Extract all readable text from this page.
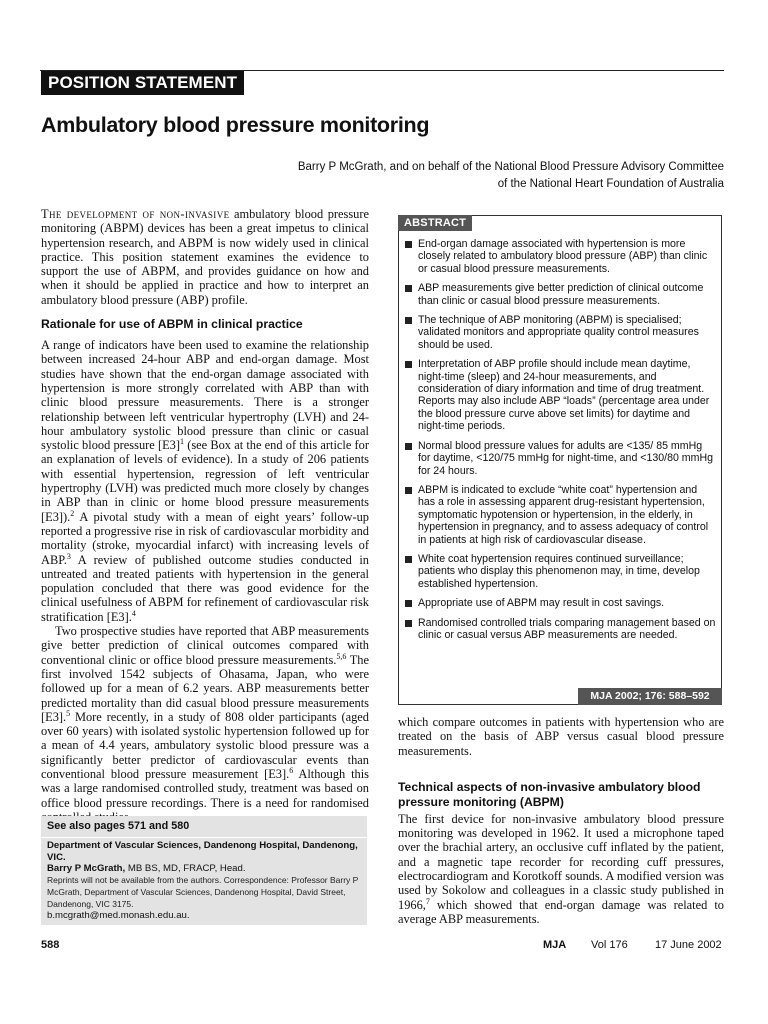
POSITION STATEMENT
Ambulatory blood pressure monitoring
Barry P McGrath, and on behalf of the National Blood Pressure Advisory Committee
of the National Heart Foundation of Australia

The development of non-invasive ambulatory blood pressure monitoring (ABPM) devices has been a great impetus to clinical hypertension research, and ABPM is now widely used in clinical practice. This position statement examines the evidence to support the use of ABPM, and provides guidance on how and when it should be applied in practice and how to interpret an ambulatory blood pressure (ABP) profile.

Rationale for use of ABPM in clinical practice

A range of indicators have been used to examine the relationship between increased 24-hour ABP and end-organ damage. Most studies have shown that the end-organ damage associated with hypertension is more strongly correlated with ABP than with clinic blood pressure measurements. There is a stronger relationship between left ventricular hypertrophy (LVH) and 24-hour ambulatory systolic blood pressure than clinic or casual systolic blood pressure $[E3]^1$ (see Box at the end of this article for an explanation of levels of evidence). In a study of 206 patients with essential hypertension, regression of left ventricular hypertrophy (LVH) was predicted much more closely by changes in ABP than in clinic or home blood pressure measurements [E3]).$^2$ A pivotal study with a mean of eight years’ follow-up reported a progressive rise in risk of cardiovascular morbidity and mortality (stroke, myocardial infarct) with increasing levels of ABP.$^3$ A review of published outcome studies conducted in untreated and treated patients with hypertension in the general population concluded that there was good evidence for the clinical usefulness of ABPM for refinement of cardiovascular risk stratification [E3].$^4$

Two prospective studies have reported that ABP measurements give better prediction of clinical outcomes compared with conventional clinic or office blood pressure measurements.$^{5,6}$ The first involved 1542 subjects of Ohasama, Japan, who were followed up for a mean of 6.2 years. ABP measurements better predicted mortality than did casual blood pressure measurements [E3].$^5$ More recently, in a study of 808 older participants (aged over 60 years) with isolated systolic hypertension followed up for a mean of 4.4 years, ambulatory systolic blood pressure was a significantly better predictor of cardiovascular events than conventional blood pressure measurement [E3].$^6$ Although this was a large randomised controlled study, treatment was based on office blood pressure recordings. There is a need for randomised

ABSTRACT
End-organ damage associated with hypertension is more closely related to ambulatory blood pressure (ABP) than clinic or casual blood pressure measurements.
ABP measurements give better prediction of clinical outcome than clinic or casual blood pressure measurements.
The technique of ABP monitoring (ABPM) is specialised; validated monitors and appropriate quality control measures should be used.
Interpretation of ABP profile should include mean daytime, night-time (sleep) and 24-hour measurements, and consideration of diary information and time of drug treatment. Reports may also include ABP “loads” (percentage area under the blood pressure curve above set limits) for daytime and night-time periods.
Normal blood pressure values for adults are <135/ 85 mmHg for daytime, <120/75 mmHg for night-time, and <130/80 mmHg for 24 hours.
ABPM is indicated to exclude “white coat” hypertension and has a role in assessing apparent drug-resistant hypertension, symptomatic hypotension or hypertension, in the elderly, in hypertension in pregnancy, and to assess adequacy of control in patients at high risk of cardiovascular disease.
White coat hypertension requires continued surveillance; patients who display this phenomenon may, in time, develop established hypertension.
Appropriate use of ABPM may result in cost savings.
Randomised controlled trials comparing management based on clinic or casual versus ABP measurements are needed.
MJA 2002; 176: 588–592

which compare outcomes in patients with hypertension who are treated on the basis of ABP versus casual blood pressure measurements.

Technical aspects of non-invasive ambulatory blood pressure monitoring (ABPM)

The first device for non-invasive ambulatory blood pressure monitoring was developed in 1962. It used a microphone taped over the brachial artery, an occlusive cuff inflated by the patient, and a magnetic tape recorder for recording cuff pressures, electrocardiogram and Korotkoff sounds. A modified version was used by Sokolow and colleagues in a classic study published in 1966,$^7$ which showed that end-organ damage was related to average ABP measurements.

See also pages 571 and 580
Department of Vascular Sciences, Dandenong Hospital, Dandenong, VIC.
Barry P McGrath, MB BS, MD, FRACP, Head.
Reprints will not be available from the authors. Correspondence: Professor Barry P McGrath, Department of Vascular Sciences, Dandenong Hospital, David Street, Dandenong, VIC 3175.
b.mcgrath@med.monash.edu.au.
588	MJA Vol 176 17 June 2002
